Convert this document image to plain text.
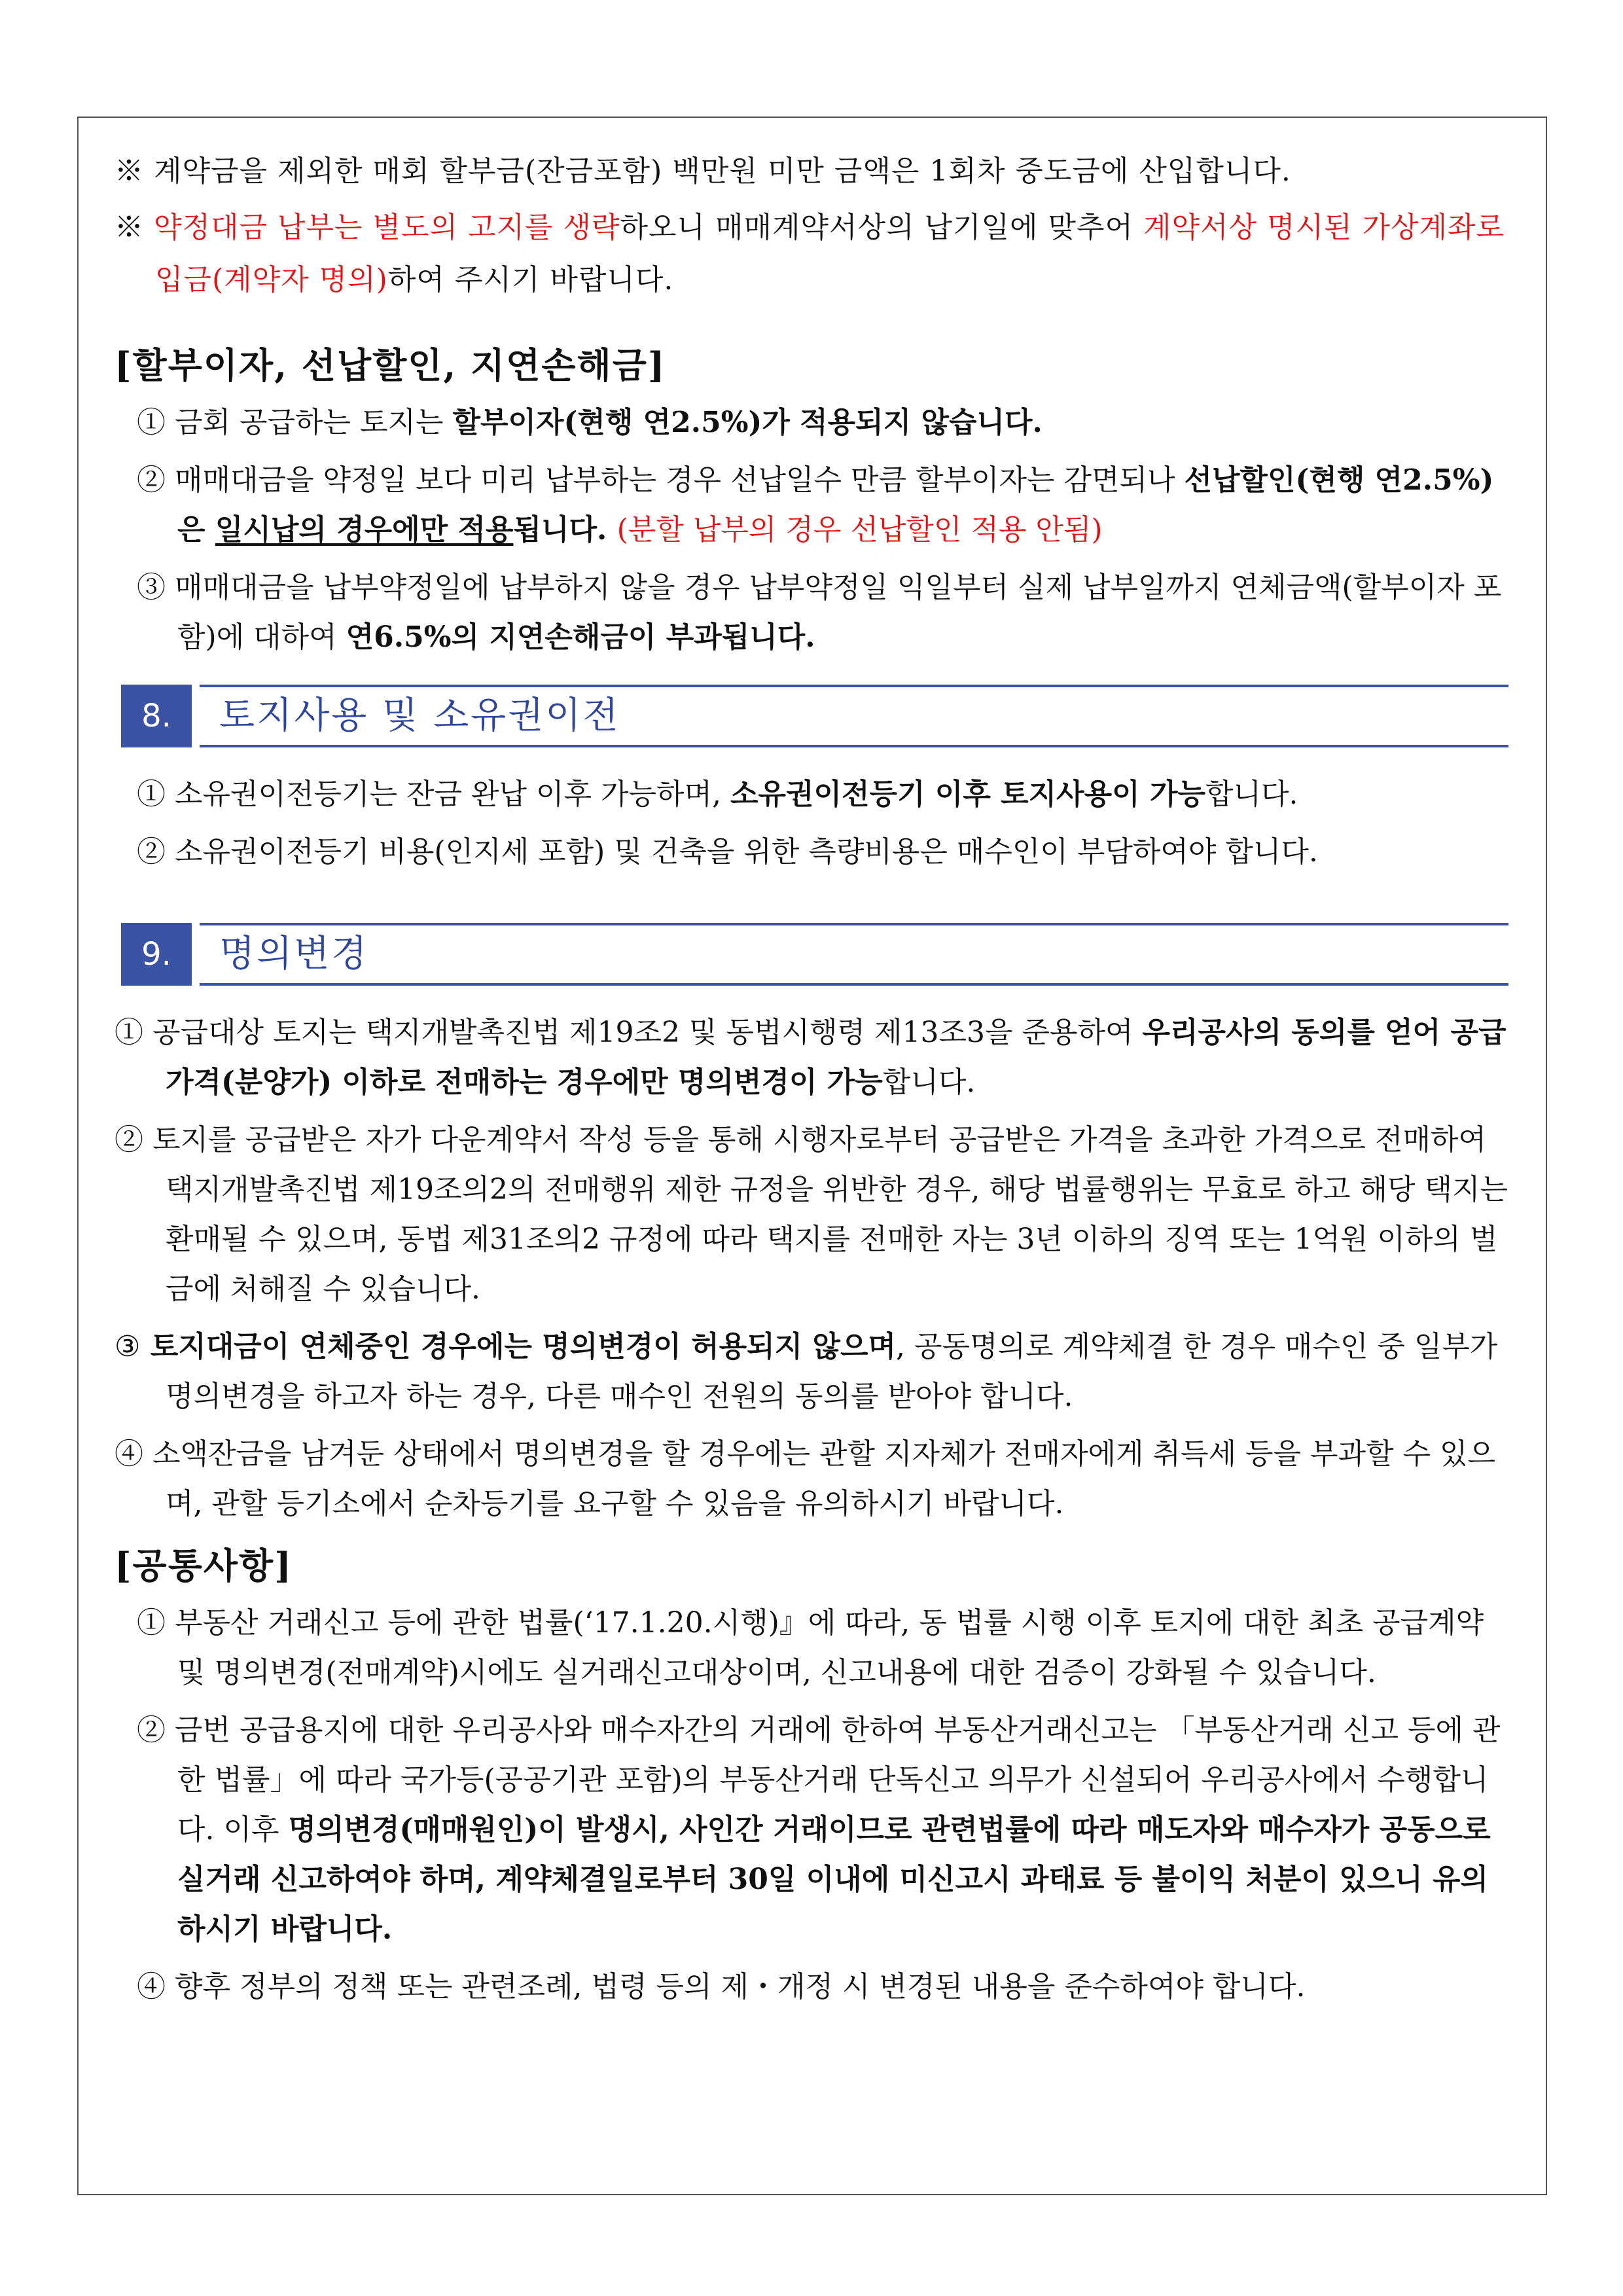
※ 계약금을 제외한 매회 할부금(잔금포함) 백만원 미만 금액은 1회차 중도금에 산입합니다.

※ 약정대금 납부는 별도의 고지를 생략하오니 매매계약서상의 납기일에 맞추어 계약서상 명시된 가상계좌로 입금(계약자 명의)하여 주시기 바랍니다.

[할부이자, 선납할인, 지연손해금]

① 금회 공급하는 토지는 할부이자(현행 연2.5%)가 적용되지 않습니다.

② 매매대금을 약정일 보다 미리 납부하는 경우 선납일수 만큼 할부이자는 감면되나 선납할인(현행 연2.5%)은 일시납의 경우에만 적용됩니다. (분할 납부의 경우 선납할인 적용 안됨)

③ 매매대금을 납부약정일에 납부하지 않을 경우 납부약정일 익일부터 실제 납부일까지 연체금액(할부이자 포함)에 대하여 연6.5%의 지연손해금이 부과됩니다.

8.	토지사용 및 소유권이전

① 소유권이전등기는 잔금 완납 이후 가능하며, 소유권이전등기 이후 토지사용이 가능합니다.

② 소유권이전등기 비용(인지세 포함) 및 건축을 위한 측량비용은 매수인이 부담하여야 합니다.

9.	명의변경

① 공급대상 토지는 택지개발촉진법 제19조2 및 동법시행령 제13조3을 준용하여 우리공사의 동의를 얻어 공급가격(분양가) 이하로 전매하는 경우에만 명의변경이 가능합니다.

② 토지를 공급받은 자가 다운계약서 작성 등을 통해 시행자로부터 공급받은 가격을 초과한 가격으로 전매하여 택지개발촉진법 제19조의2의 전매행위 제한 규정을 위반한 경우, 해당 법률행위는 무효로 하고 해당 택지는 환매될 수 있으며, 동법 제31조의2 규정에 따라 택지를 전매한 자는 3년 이하의 징역 또는 1억원 이하의 벌금에 처해질 수 있습니다.

③ 토지대금이 연체중인 경우에는 명의변경이 허용되지 않으며, 공동명의로 계약체결 한 경우 매수인 중 일부가 명의변경을 하고자 하는 경우, 다른 매수인 전원의 동의를 받아야 합니다.

④ 소액잔금을 남겨둔 상태에서 명의변경을 할 경우에는 관할 지자체가 전매자에게 취득세 등을 부과할 수 있으며, 관할 등기소에서 순차등기를 요구할 수 있음을 유의하시기 바랍니다.

[공통사항]

① 부동산 거래신고 등에 관한 법률(‘17.1.20.시행)』에 따라, 동 법률 시행 이후 토지에 대한 최초 공급계약 및 명의변경(전매계약)시에도 실거래신고대상이며, 신고내용에 대한 검증이 강화될 수 있습니다.

② 금번 공급용지에 대한 우리공사와 매수자간의 거래에 한하여 부동산거래신고는 「부동산거래 신고 등에 관한 법률」에 따라 국가등(공공기관 포함)의 부동산거래 단독신고 의무가 신설되어 우리공사에서 수행합니다. 이후 명의변경(매매원인)이 발생시, 사인간 거래이므로 관련법률에 따라 매도자와 매수자가 공동으로 실거래 신고하여야 하며, 계약체결일로부터 30일 이내에 미신고시 과태료 등 불이익 처분이 있으니 유의하시기 바랍니다.

④ 향후 정부의 정책 또는 관련조례, 법령 등의 제・개정 시 변경된 내용을 준수하여야 합니다.
